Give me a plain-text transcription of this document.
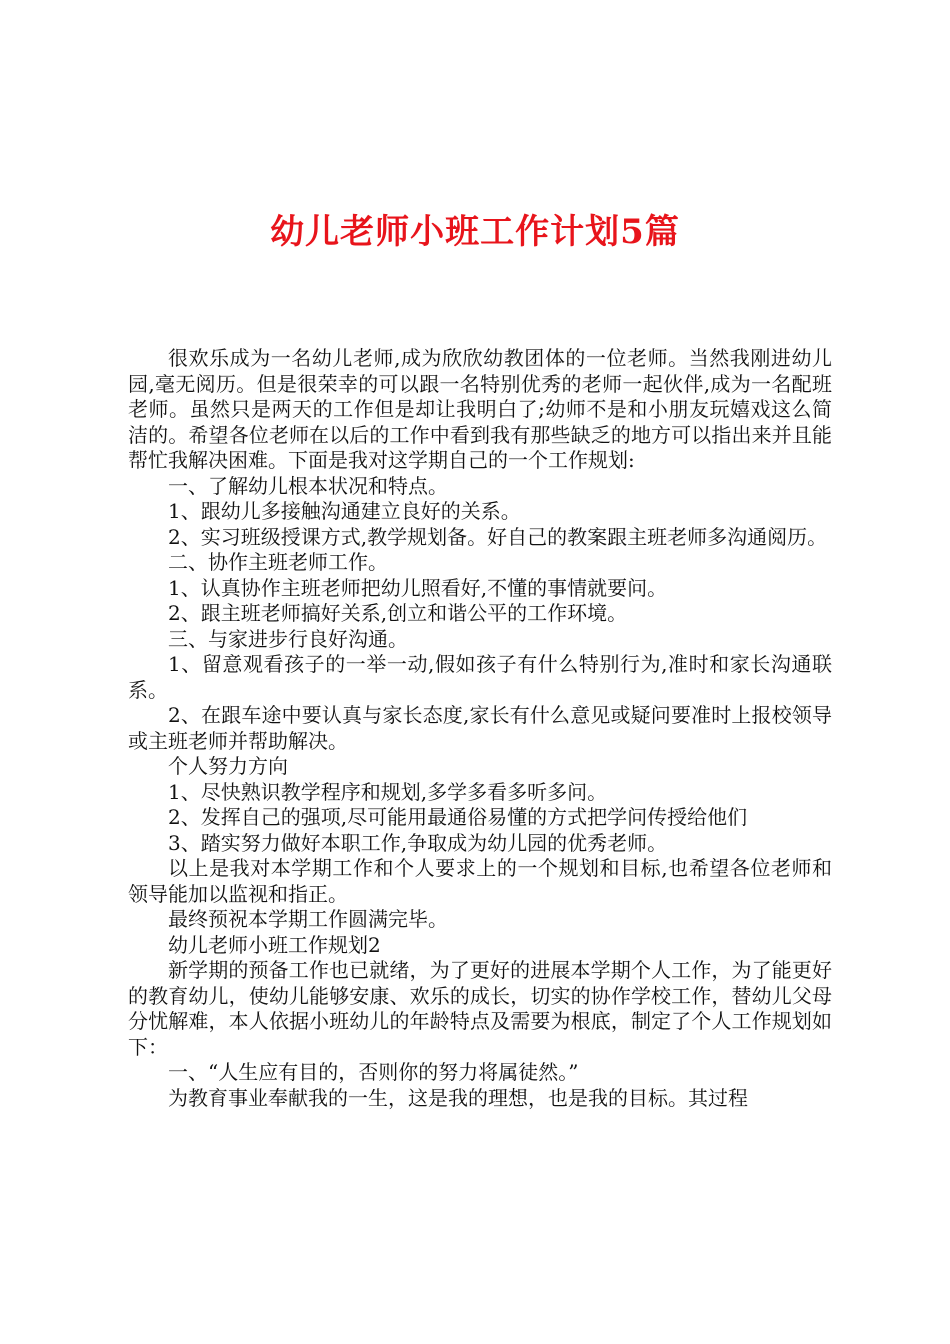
幼儿老师小班工作计划5篇

很欢乐成为一名幼儿老师,成为欣欣幼教团体的一位老师。当然我刚进幼儿园,毫无阅历。但是很荣幸的可以跟一名特别优秀的老师一起伙伴,成为一名配班老师。虽然只是两天的工作但是却让我明白了;幼师不是和小朋友玩嬉戏这么简洁的。希望各位老师在以后的工作中看到我有那些缺乏的地方可以指出来并且能帮忙我解决困难。下面是我对这学期自己的一个工作规划:

一、了解幼儿根本状况和特点。

1、跟幼儿多接触沟通建立良好的关系。

2、实习班级授课方式,教学规划备。好自己的教案跟主班老师多沟通阅历。

二、协作主班老师工作。

1、认真协作主班老师把幼儿照看好,不懂的事情就要问。

2、跟主班老师搞好关系,创立和谐公平的工作环境。

三、与家进步行良好沟通。

1、留意观看孩子的一举一动,假如孩子有什么特别行为,准时和家长沟通联系。

2、在跟车途中要认真与家长态度,家长有什么意见或疑问要准时上报校领导或主班老师并帮助解决。

个人努力方向

1、尽快熟识教学程序和规划,多学多看多听多问。

2、发挥自己的强项,尽可能用最通俗易懂的方式把学问传授给他们

3、踏实努力做好本职工作,争取成为幼儿园的优秀老师。

以上是我对本学期工作和个人要求上的一个规划和目标,也希望各位老师和领导能加以监视和指正。

最终预祝本学期工作圆满完毕。

幼儿老师小班工作规划2

新学期的预备工作也已就绪，为了更好的进展本学期个人工作，为了能更好的教育幼儿，使幼儿能够安康、欢乐的成长，切实的协作学校工作，替幼儿父母分忧解难，本人依据小班幼儿的年龄特点及需要为根底，制定了个人工作规划如下：

一、“人生应有目的，否则你的努力将属徒然。”

为教育事业奉献我的一生，这是我的理想，也是我的目标。其过程
